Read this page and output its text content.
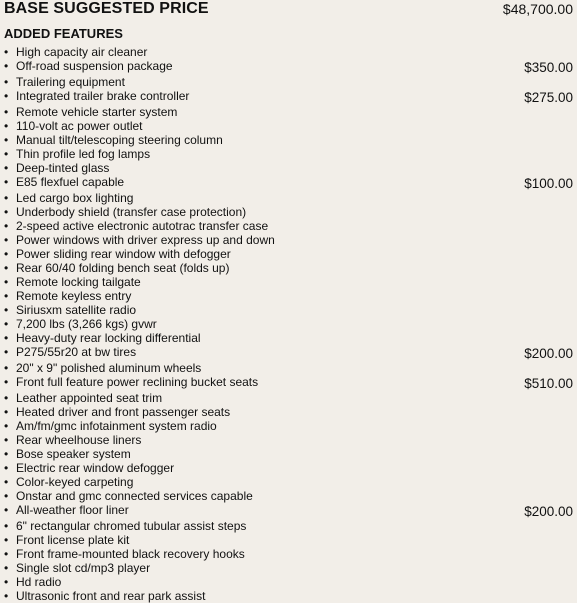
BASE SUGGESTED PRICE	$48,700.00
ADDED FEATURES
• High capacity air cleaner
• Off-road suspension package	$350.00
• Trailering equipment
• Integrated trailer brake controller	$275.00
• Remote vehicle starter system
• 110-volt ac power outlet
• Manual tilt/telescoping steering column
• Thin profile led fog lamps
• Deep-tinted glass
• E85 flexfuel capable	$100.00
• Led cargo box lighting
• Underbody shield (transfer case protection)
• 2-speed active electronic autotrac transfer case
• Power windows with driver express up and down
• Power sliding rear window with defogger
• Rear 60/40 folding bench seat (folds up)
• Remote locking tailgate
• Remote keyless entry
• Siriusxm satellite radio
• 7,200 lbs (3,266 kgs) gvwr
• Heavy-duty rear locking differential
• P275/55r20 at bw tires	$200.00
• 20" x 9" polished aluminum wheels
• Front full feature power reclining bucket seats	$510.00
• Leather appointed seat trim
• Heated driver and front passenger seats
• Am/fm/gmc infotainment system radio
• Rear wheelhouse liners
• Bose speaker system
• Electric rear window defogger
• Color-keyed carpeting
• Onstar and gmc connected services capable
• All-weather floor liner	$200.00
• 6" rectangular chromed tubular assist steps
• Front license plate kit
• Front frame-mounted black recovery hooks
• Single slot cd/mp3 player
• Hd radio
• Ultrasonic front and rear park assist
